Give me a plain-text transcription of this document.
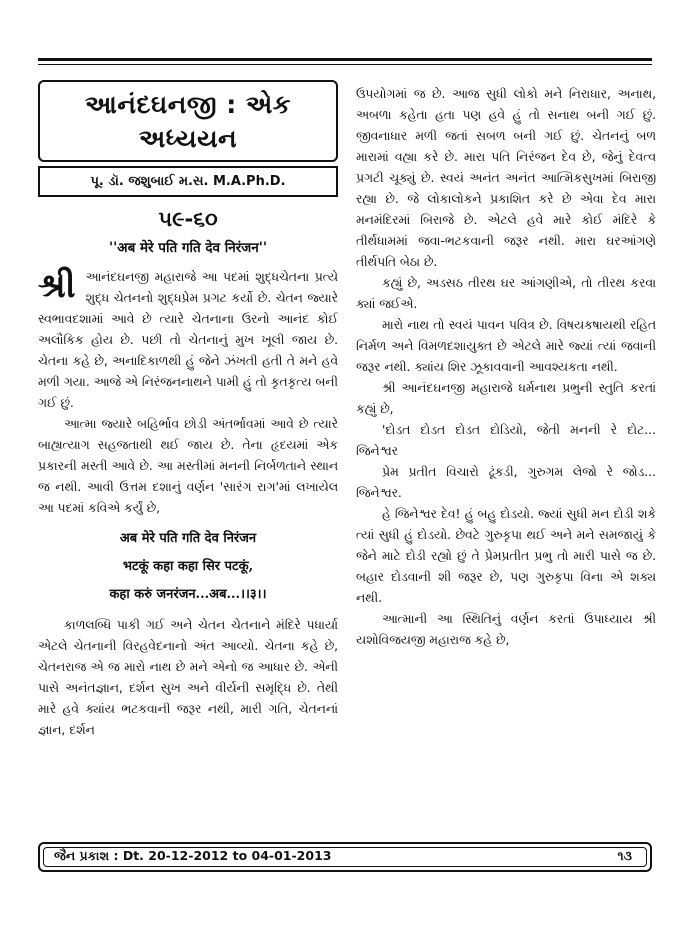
આનંદઘનજી : એક અધ્યયન
પૂ. ડૉ. જશુબાઈ મ.સ. M.A.Ph.D.
૫૯-૬૦
''अब मेरे पति गति देव निरंजन''

શ્રી આનંદઘનજી મહારાજે આ પદમાં શુદ્ધચેતના પ્રત્યે શુદ્ધ ચેતનનો શુદ્ધપ્રેમ પ્રગટ કર્યો છે. ચેતન જ્યારે સ્વભાવદશામાં આવે છે ત્યારે ચેતનાના ઉરનો આનંદ કોઈ અલૌકિક હોય છે. પછી તો ચેતનાનું મુખ ખૂલી જાય છે. ચેતના કહે છે, અનાદિકાળથી હું જેને ઝંખતી હતી તે મને હવે મળી ગયા. આજે એ નિરંજનનાથને પામી હું તો કૃતકૃત્ય બની ગઈ છું.

આત્મા જ્યારે બહિર્ભાવ છોડી અંતર્ભાવમાં આવે છે ત્યારે બાહ્યત્યાગ સહજતાથી થઈ જાય છે. તેના હૃદયમાં એક પ્રકારની મસ્તી આવે છે. આ મસ્તીમાં મનની નિર્બળતાને સ્થાન જ નથી. આવી ઉત્તમ દશાનું વર્ણન 'સારંગ રાગ'માં લખાયેલ આ પદમાં કવિએ કર્યું છે,

अब मेरे पति गति देव निरंजन
भटकूं कहा कहा सिर पटकूं,
कहा करुं जनरंजन...अब...।।३।।

કાળલબ્ધિ પાકી ગઈ અને ચેતન ચેતનાને મંદિરે પધાર્યા એટલે ચેતનાની વિરહવેદનાનો અંત આવ્યો. ચેતના કહે છે, ચેતનરાજ એ જ મારો નાથ છે મને એનો જ આધાર છે. એની પાસે અનંતજ્ઞાન, દર્શન સુખ અને વીર્યની સમૃદ્ધિ છે. તેથી મારે હવે ક્યાંય ભટકવાની જરૂર નથી, મારી ગતિ, ચેતનનાં જ્ઞાન, દર્શન

ઉપયોગમાં જ છે. આજ સુધી લોકો મને નિરાધાર, અનાથ, અબળા કહેતા હતા પણ હવે હું તો સનાથ બની ગઈ છું. જીવનાધાર મળી જતાં સબળ બની ગઈ છું. ચેતનનું બળ મારામાં વહ્યા કરે છે. મારા પતિ નિરંજન દેવ છે, જેનું દેવત્વ પ્રગટી ચૂક્યું છે. સ્વયં અનંત અનંત આત્મિકસુખમાં બિરાજી રહ્યા છે. જે લોકાલોકને પ્રકાશિત કરે છે એવા દેવ મારા મનમંદિરમાં બિરાજે છે. એટલે હવે મારે કોઈ મંદિરે કે તીર્થધામમાં જવા-ભટકવાની જરૂર નથી. મારા ઘરઆંગણે તીર્થપતિ બેઠા છે.

કહ્યું છે, અડસઠ તીરથ ઘર આંગણીએ, તો તીરથ કરવા ક્યાં જઈએ.

મારો નાથ તો સ્વયં પાવન પવિત્ર છે. વિષયકષાયથી રહિત નિર્મળ અને વિમળદશાયુક્ત છે એટલે મારે જ્યાં ત્યાં જવાની જરૂર નથી. ક્યાંય શિર ઝૂકાવવાની આવશ્યકતા નથી.

શ્રી આનંદઘનજી મહારાજે ધર્મનાથ પ્રભુની સ્તુતિ કરતાં કહ્યું છે,

'દોડત દોડત દોડત દોડિયો, જેતી મનની રે દોટ... જિનેશ્વર

પ્રેમ પ્રતીત વિચારો ઢૂંકડી, ગુરુગમ લેજો રે જોડ... જિનેશ્વર.

હે જિનેશ્વર દેવ! હું બહુ દોડયો. જ્યાં સુધી મન દોડી શકે ત્યાં સુધી હું દોડયો. છેવટે ગુરુકૃપા થઈ અને મને સમજાયું કે જેને માટે દોડી રહ્યો છું તે પ્રેમપ્રતીત પ્રભુ તો મારી પાસે જ છે. બહાર દોડવાની શી જરૂર છે, પણ ગુરુકૃપા વિના એ શક્ય નથી.

આત્માની આ સ્થિતિનું વર્ણન કરતાં ઉપાધ્યાય શ્રી યશોવિજયજી મહારાજ કહે છે,

જૈન પ્રકાશ : Dt. 20-12-2012 to 04-01-2013	૧૩
